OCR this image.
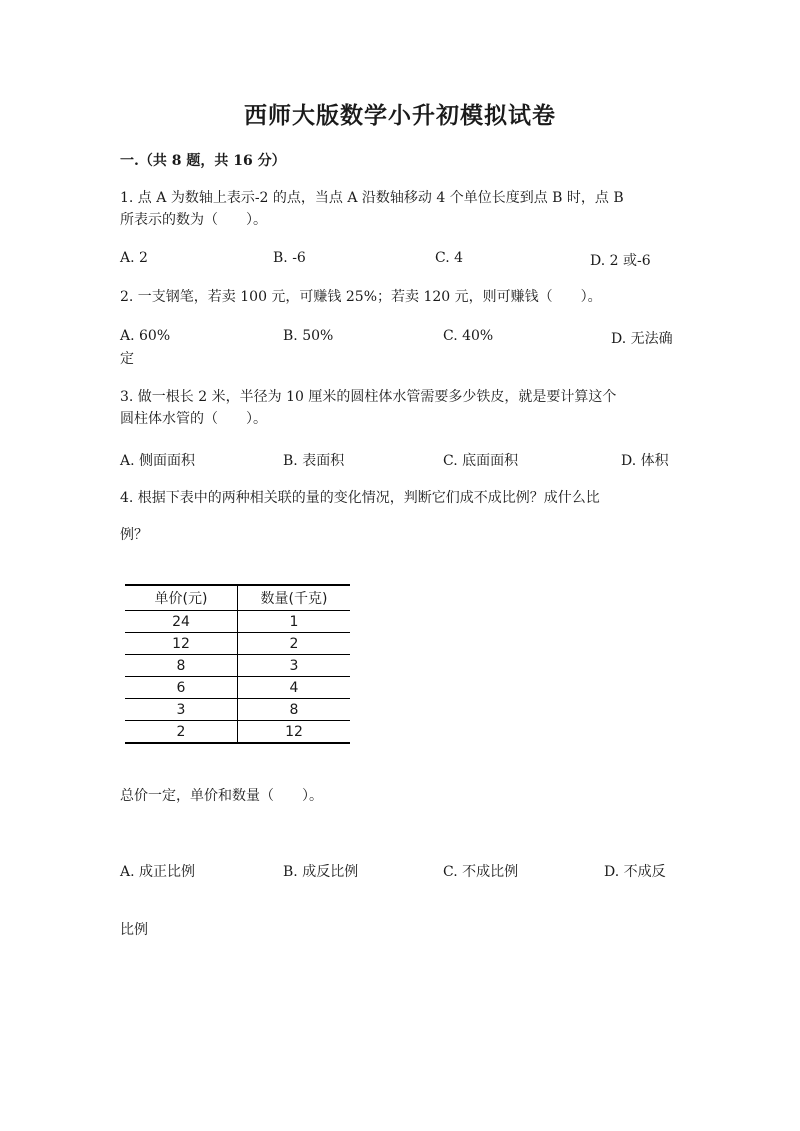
西师大版数学小升初模拟试卷
一.（共 8 题，共 16 分）
1. 点 A 为数轴上表示-2 的点，当点 A 沿数轴移动 4 个单位长度到点 B 时，点 B
所表示的数为（　　）。
A. 2	B. -6	C. 4	D. 2 或-6
2. 一支钢笔，若卖 100 元，可赚钱 25%；若卖 120 元，则可赚钱（　　）。
A. 60%	B. 50%	C. 40%	D. 无法确
定
3. 做一根长 2 米，半径为 10 厘米的圆柱体水管需要多少铁皮，就是要计算这个
圆柱体水管的（　　）。
A. 侧面面积	B. 表面积	C. 底面面积	D. 体积
4. 根据下表中的两种相关联的量的变化情况，判断它们成不成比例？成什么比
例？
单价(元)	数量(千克)
24	1
12	2
8	3
6	4
3	8
2	12
总价一定，单价和数量（　　）。
A. 成正比例	B. 成反比例	C. 不成比例	D. 不成反
比例
